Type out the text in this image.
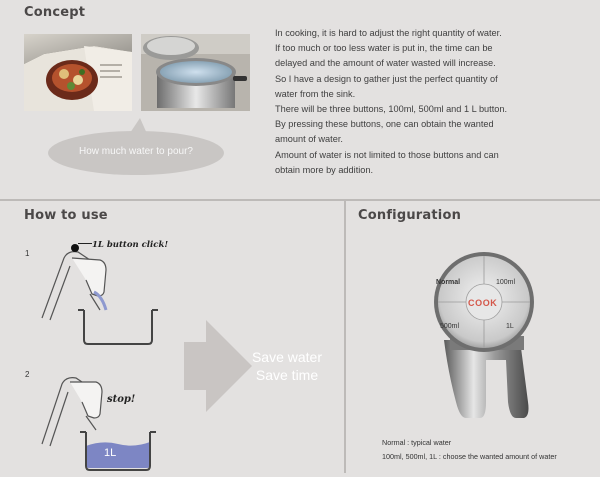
Concept
How much water to pour?
In cooking, it is hard to adjust the right quantity of water.
If too much or too less water is put in, the time can be
delayed and the amount of water wasted will increase.
So I have a design to gather just the perfect quantity of
water from the sink.
There will be three buttons, 100ml, 500ml and 1 L button.
By pressing these buttons, one can obtain the wanted
amount of water.
Amount of water is not limited to those buttons and can
obtain more by addition.
How to use
1
1L button click!
2
stop!
1L
Save water
Save time
Configuration
Normal	100ml
COOK
500ml	1L
Normal : typical water
100ml, 500ml, 1L : choose the wanted amount of water
